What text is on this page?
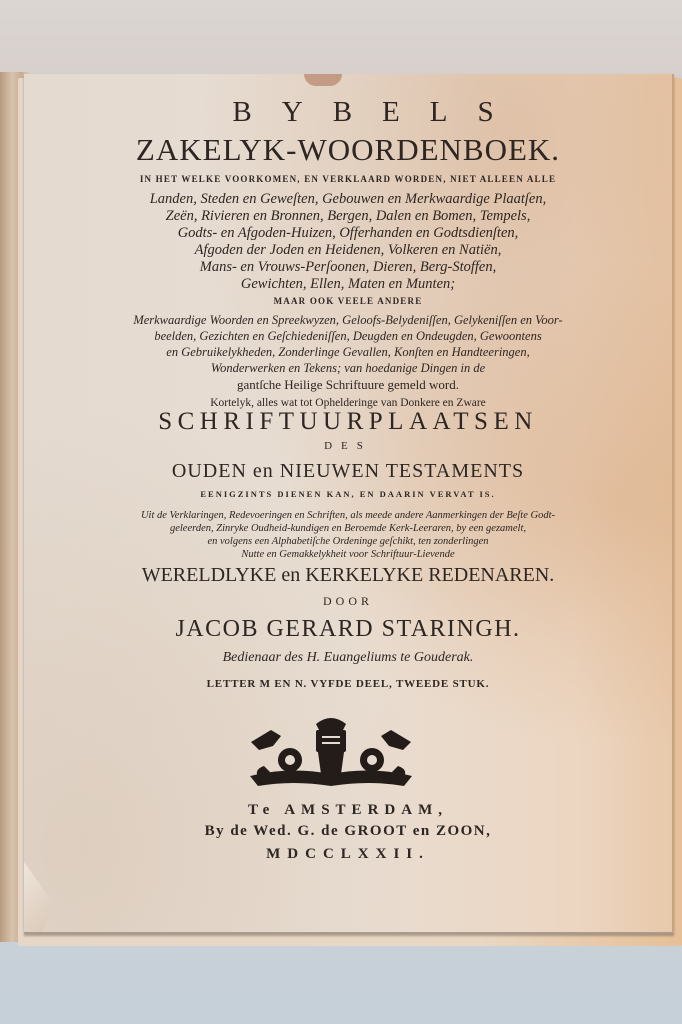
BYBELS
ZAKELYK-WOORDENBOEK.
IN HET WELKE VOORKOMEN, EN VERKLAARD WORDEN, NIET ALLEEN ALLE
Landen, Steden en Geweſten, Gebouwen en Merkwaardige Plaatſen,
Zeën, Rivieren en Bronnen, Bergen, Dalen en Bomen, Tempels,
Godts- en Afgoden-Huizen, Offerhanden en Godtsdienſten,
Afgoden der Joden en Heidenen, Volkeren en Natiën,
Mans- en Vrouws-Perſoonen, Dieren, Berg-Stoffen,
Gewichten, Ellen, Maten en Munten;
MAAR OOK VEELE ANDERE
Merkwaardige Woorden en Spreekwyzen, Geloofs-Belydeniſſen, Gelykeniſſen en Voor-
beelden, Gezichten en Geſchiedeniſſen, Deugden en Ondeugden, Gewoontens
en Gebruikelykheden, Zonderlinge Gevallen, Konſten en Handteeringen,
Wonderwerken en Tekens; van hoedanige Dingen in de
gantſche Heilige Schriftuure gemeld word.
Kortelyk, alles wat tot Ophelderinge van Donkere en Zware
SCHRIFTUURPLAATSEN
DES
OUDEN en NIEUWEN TESTAMENTS
EENIGZINTS DIENEN KAN, EN DAARIN VERVAT IS.
Uit de Verklaringen, Redevoeringen en Schriften, als meede andere Aanmerkingen der Beſte Godt-
geleerden, Zinryke Oudheid-kundigen en Beroemde Kerk-Leeraren, by een gezamelt,
en volgens een Alphabetiſche Ordeninge geſchikt, ten zonderlingen
Nutte en Gemakkelykheit voor Schriftuur-Lievende
WERELDLYKE en KERKELYKE REDENAREN.
DOOR
JACOB GERARD STARINGH.
Bedienaar des H. Euangeliums te Gouderak.
LETTER M EN N. VYFDE DEEL, TWEEDE STUK.
Te AMSTERDAM,
By de Wed. G. de GROOT en ZOON,
MDCCLXXII.
